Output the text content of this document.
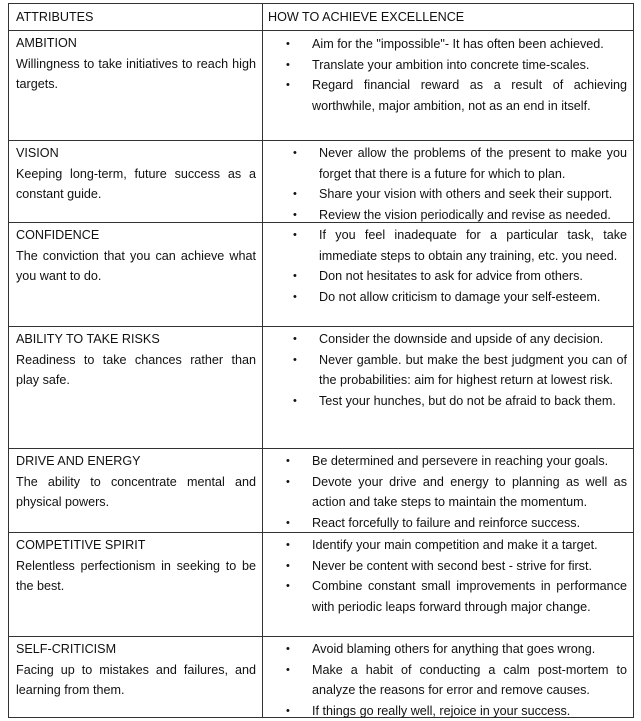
ATTRIBUTES	HOW TO ACHIEVE EXCELLENCE
AMBITION
Willingness to take initiatives to reach high targets.
• Aim for the "impossible"- It has often been achieved.
• Translate your ambition into concrete time-scales.
• Regard financial reward as a result of achieving worthwhile, major ambition, not as an end in itself.
VISION
Keeping long-term, future success as a constant guide.
• Never allow the problems of the present to make you forget that there is a future for which to plan.
• Share your vision with others and seek their support.
• Review the vision periodically and revise as needed.
CONFIDENCE
The conviction that you can achieve what you want to do.
• If you feel inadequate for a particular task, take immediate steps to obtain any training, etc. you need.
• Don not hesitates to ask for advice from others.
• Do not allow criticism to damage your self-esteem.
ABILITY TO TAKE RISKS
Readiness to take chances rather than play safe.
• Consider the downside and upside of any decision.
• Never gamble. but make the best judgment you can of the probabilities: aim for highest return at lowest risk.
• Test your hunches, but do not be afraid to back them.
DRIVE AND ENERGY
The ability to concentrate mental and physical powers.
• Be determined and persevere in reaching your goals.
• Devote your drive and energy to planning as well as action and take steps to maintain the momentum.
• React forcefully to failure and reinforce success.
COMPETITIVE SPIRIT
Relentless perfectionism in seeking to be the best.
• Identify your main competition and make it a target.
• Never be content with second best - strive for first.
• Combine constant small improvements in performance with periodic leaps forward through major change.
SELF-CRITICISM
Facing up to mistakes and failures, and learning from them.
• Avoid blaming others for anything that goes wrong.
• Make a habit of conducting a calm post-mortem to analyze the reasons for error and remove causes.
• If things go really well, rejoice in your success.
